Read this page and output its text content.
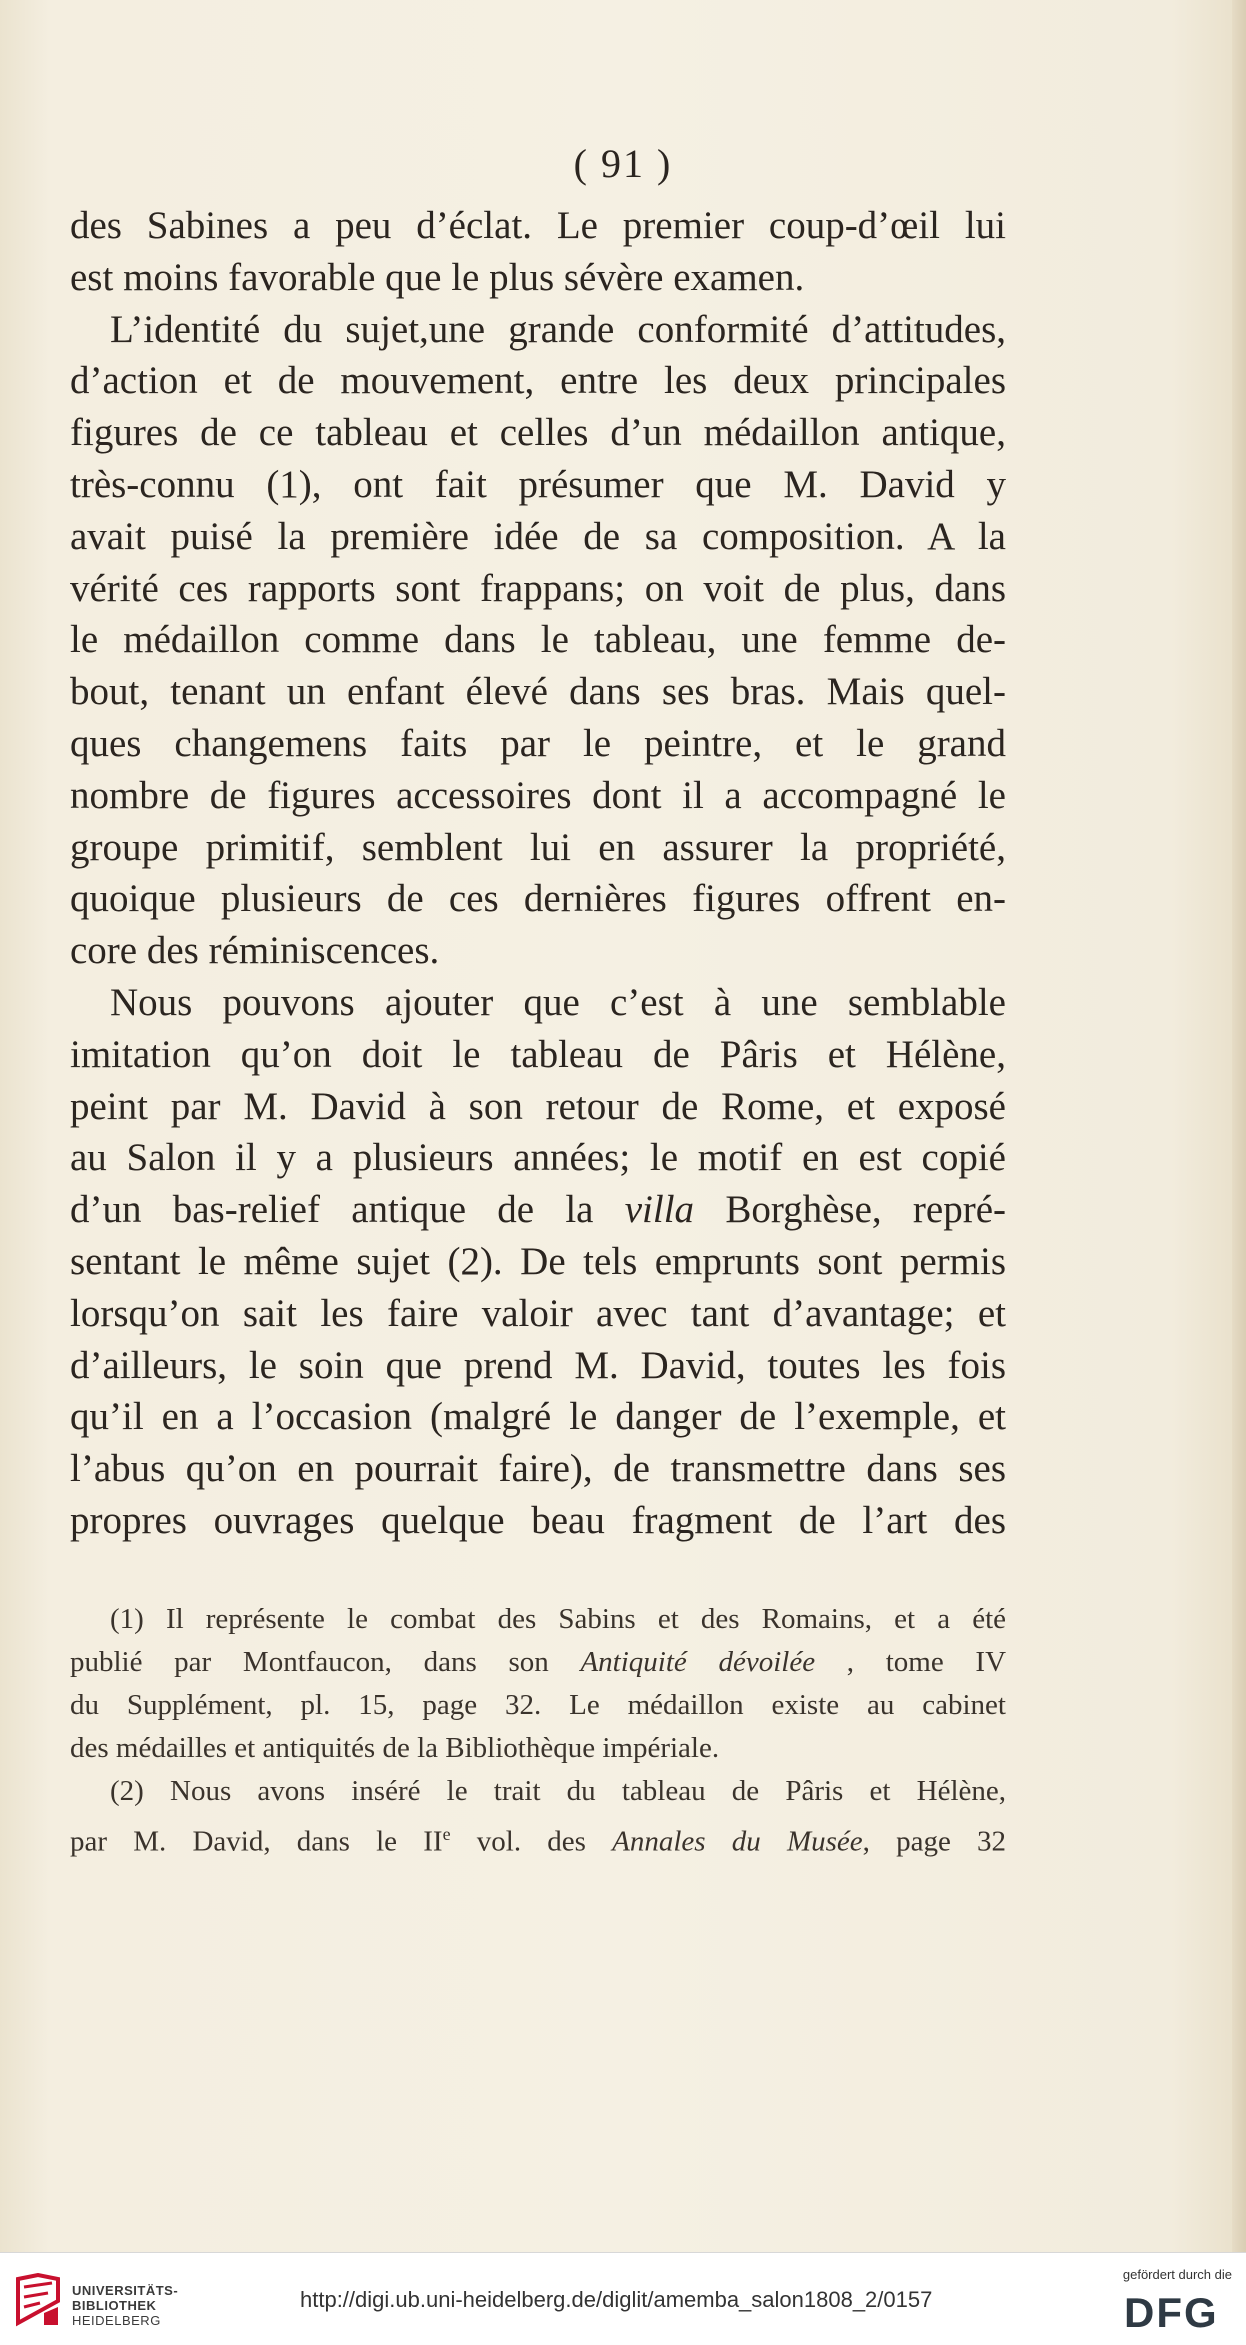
( 91 )
des Sabines a peu d’éclat. Le premier coup-d’œil lui
est moins favorable que le plus sévère examen.
L’identité du sujet,une grande conformité d’attitudes,
d’action et de mouvement, entre les deux principales
figures de ce tableau et celles d’un médaillon antique,
très-connu (1), ont fait présumer que M. David y
avait puisé la première idée de sa composition. A la
vérité ces rapports sont frappans; on voit de plus, dans
le médaillon comme dans le tableau, une femme de-
bout, tenant un enfant élevé dans ses bras. Mais quel-
ques changemens faits par le peintre, et le grand
nombre de figures accessoires dont il a accompagné le
groupe primitif, semblent lui en assurer la propriété,
quoique plusieurs de ces dernières figures offrent en-
core des réminiscences.
Nous pouvons ajouter que c’est à une semblable
imitation qu’on doit le tableau de Pâris et Hélène,
peint par M. David à son retour de Rome, et exposé
au Salon il y a plusieurs années; le motif en est copié
d’un bas-relief antique de la villa Borghèse, repré-
sentant le même sujet (2). De tels emprunts sont permis
lorsqu’on sait les faire valoir avec tant d’avantage; et
d’ailleurs, le soin que prend M. David, toutes les fois
qu’il en a l’occasion (malgré le danger de l’exemple, et
l’abus qu’on en pourrait faire), de transmettre dans ses
propres ouvrages quelque beau fragment de l’art des
(1) Il représente le combat des Sabins et des Romains, et a été
publié par Montfaucon, dans son Antiquité dévoilée , tome IV
du Supplément, pl. 15, page 32. Le médaillon existe au cabinet
des médailles et antiquités de la Bibliothèque impériale.
(2) Nous avons inséré le trait du tableau de Pâris et Hélène,
par M. David, dans le IIe vol. des Annales du Musée, page 32
UNIVERSITÄTS-
BIBLIOTHEK
HEIDELBERG
http://digi.ub.uni-heidelberg.de/diglit/amemba_salon1808_2/0157
gefördert durch die
DFG
